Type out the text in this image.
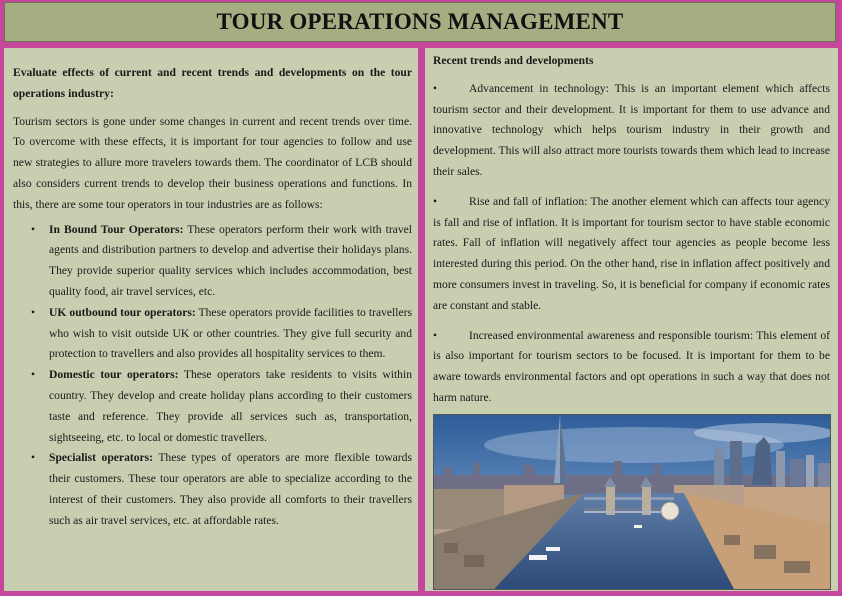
TOUR OPERATIONS MANAGEMENT

Evaluate effects of current and recent trends and developments on the tour operations industry:

Tourism sectors is gone under some changes in current and recent trends over time. To overcome with these effects, it is important for tour agencies to follow and use new strategies to allure more travelers towards them. The coordinator of LCB should also considers current trends to develop their business operations and functions. In this, there are some tour operators in tour industries are as follows:

• In Bound Tour Operators: These operators perform their work with travel agents and distribution partners to develop and advertise their holidays plans. They provide superior quality services which includes accommodation, best quality food, air travel services, etc.
• UK outbound tour operators: These operators provide facilities to travellers who wish to visit outside UK or other countries. They give full security and protection to travellers and also provides all hospitality services to them.
• Domestic tour operators: These operators take residents to visits within country. They develop and create holiday plans according to their customers taste and reference. They provide all services such as, transportation, sightseeing, etc. to local or domestic travellers.
• Specialist operators: These types of operators are more flexible towards their customers. These tour operators are able to specialize according to the interest of their customers. They also provide all comforts to their travellers such as air travel services, etc. at affordable rates.

Recent trends and developments

•	Advancement in technology: This is an important element which affects tourism sector and their development. It is important for them to use advance and innovative technology which helps tourism industry in their growth and development. This will also attract more tourists towards them which lead to increase their sales.

•	Rise and fall of inflation: The another element which can affects tour agency is fall and rise of inflation. It is important for tourism sector to have stable economic rates. Fall of inflation will negatively affect tour agencies as people become less interested during this period. On the other hand, rise in inflation affect positively and more consumers invest in traveling. So, it is beneficial for company if economic rates are constant and stable.

•	Increased environmental awareness and responsible tourism: This element of is also important for tourism sectors to be focused. It is important for them to be aware towards environmental factors and opt operations in such a way that does not harm nature.
